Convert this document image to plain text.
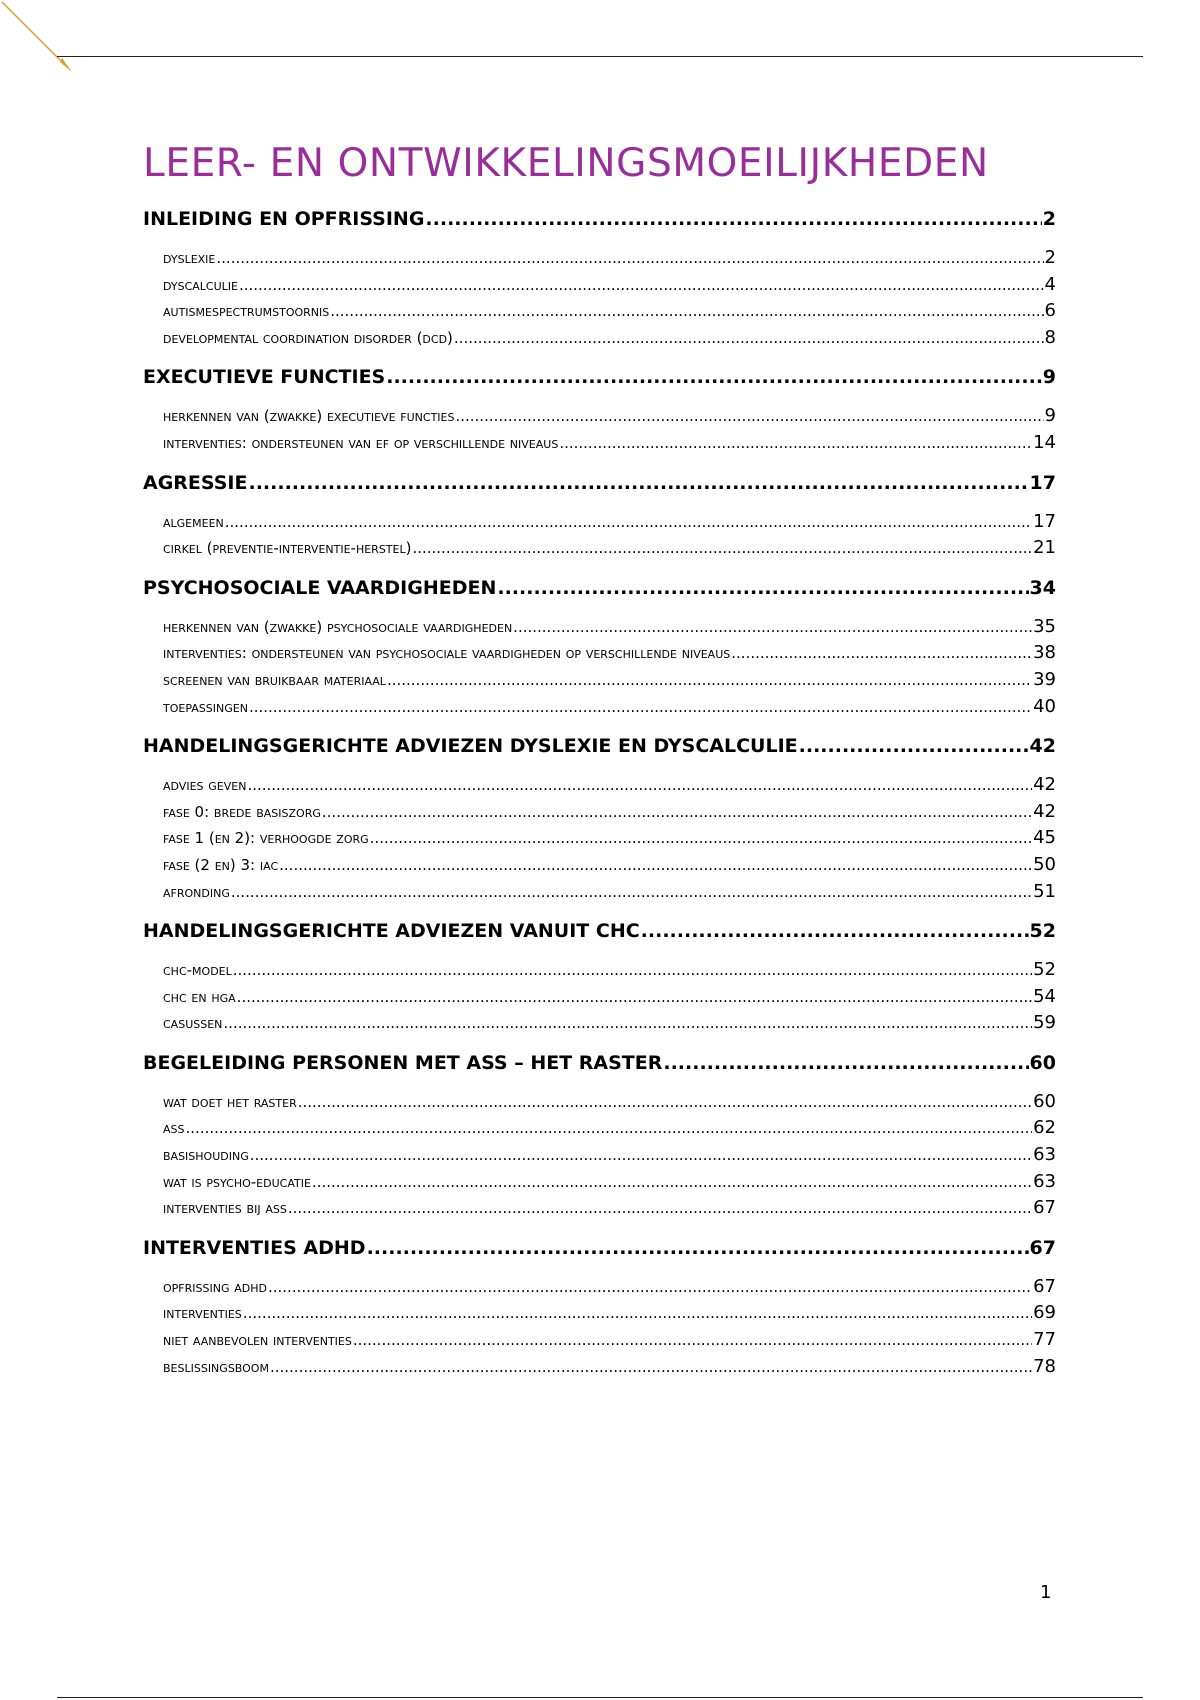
LEER- EN ONTWIKKELINGSMOEILIJKHEDEN
INLEIDING EN OPFRISSING .....	2
dyslexie .....	2
dyscalculie .....	4
autismespectrumstoornis .....	6
developmental coordination disorder (dcd) .....	8
EXECUTIEVE FUNCTIES .....	9
herkennen van (zwakke) executieve functies .....	9
interventies: ondersteunen van ef op verschillende niveaus .....	14
AGRESSIE .....	17
algemeen .....	17
cirkel (preventie-interventie-herstel) .....	21
PSYCHOSOCIALE VAARDIGHEDEN .....	34
herkennen van (zwakke) psychosociale vaardigheden .....	35
interventies: ondersteunen van psychosociale vaardigheden op verschillende niveaus .....	38
screenen van bruikbaar materiaal .....	39
toepassingen .....	40
HANDELINGSGERICHTE ADVIEZEN DYSLEXIE EN DYSCALCULIE .....	42
advies geven .....	42
fase 0: brede basiszorg .....	42
fase 1 (en 2): verhoogde zorg .....	45
fase (2 en) 3: iac .....	50
afronding .....	51
HANDELINGSGERICHTE ADVIEZEN VANUIT CHC .....	52
chc-model .....	52
chc en hga .....	54
casussen .....	59
BEGELEIDING PERSONEN MET ASS – HET RASTER .....	60
wat doet het raster .....	60
ass .....	62
basishouding .....	63
wat is psycho-educatie .....	63
interventies bij ass .....	67
INTERVENTIES ADHD .....	67
opfrissing adhd .....	67
interventies .....	69
niet aanbevolen interventies .....	77
beslissingsboom .....	78
1
